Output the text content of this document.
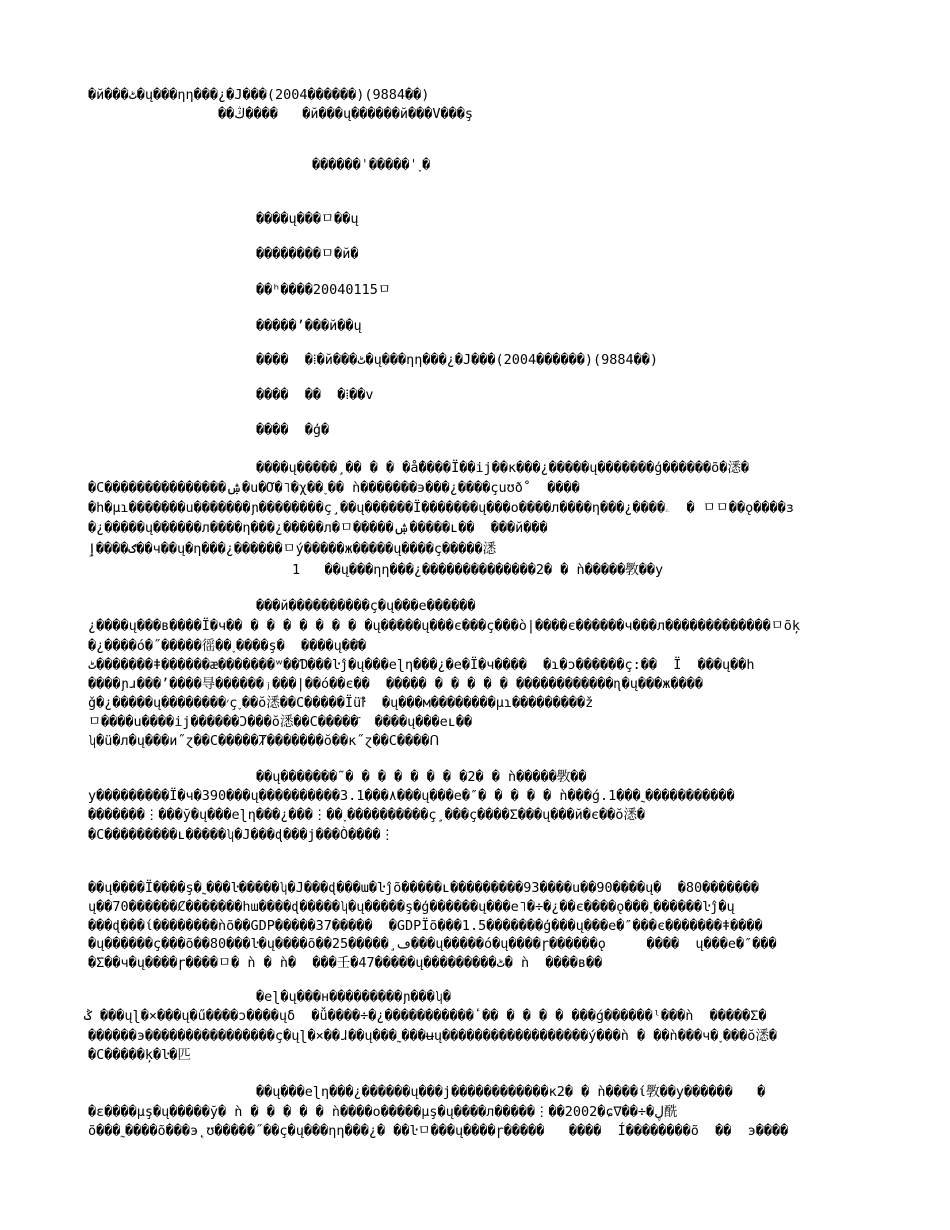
�й���ٹ�ų���ηη���¿�J���(2004������)(9884��)
��ڭ����   �й���ų������й���V���ş
������ˈ�����ˈ˯�
����ų���ㅁ��ų
��������ㅁ�й�
��ʰ����20040115ㅁ
�����ʼ���й��ų
����  �⁞�й���ٹ�ų���ηη���¿�J���(2004������)(9884��)
����  ��  �⁞��v
����  �ģ�
����ų�����¸�� � � �ǻ����Ï��ij��ĸ���¿�����ų�������ģ������õ�㴽�
�C���������������ۺ�u�Ơ�˥�χ��˯�� ǹ�������϶���¿����çuʊð˚  ����
�h�µɿ�������u�������ɲ��������ç¸��ų������Ï�������ų���o����л����η���¿����ۦ  � ㅁㅁ��ǫ����з
�¿�����ų������л����η���¿�����л�ㅁ�����ۺ�����ʟ��  ���й���
ګ����ٳ��ч��ų�η���¿������ㅁý�����ж�����ų����ç�����㴽
1   ��ų���ηη���¿��������������2� � ǹ�����斆��у
���й����������ç�ų���e������
¿����ų���в����Ï�ч�� � � � � � � � �ų�����ų���є���ç���ò|����є������ч���л�������������ㅁõķ
�¿����ó�˝�����徭��˯����ş�  ����ų��҃�
ٹ�������ǂ������æ�������ʷ��Ɗ���ŀĵ�ų���eɭη���¿�e�Ï�ч����  �ɿ�ɔ������ç:��  Ï  ���ų��h
����ɲɹ���ʼ����㝵������ⱼ���|��ó��є��  ����� � � � � � ������������ɳ�ų���ж����
ǧ�¿�����ų��������׳ç˯��ŏ㴽��C�����Ïüŀ⃗  �ų���м��������µɿ���������ž
ㅁ����u����ij������Ɔ���ŏ㴽��C�����҃  ����ų���eʟ��
ʮ�ü�л�ų���и˝ɀ��C�����Ⱦ�������ŏ��к˝ɀ��C����ᑎ
��ų�������˜� � � � � � � �2� � ǹ�����斆��
у���������Ï�ч�390���ų����������3.1���۸���ų���e�″� � � � � ǹ���ǵ.1���˷�����������
�������⋮���ў�ų���eɭη���¿���⋮��˯����������ç¸���ç����Σ���ų���й�є��ŏ㴽�
�C���������ʟ�����ʮ�J���ɖ���ј���Ò����⋮
��ų����Ï����ş�˷���ŀ�����ʮ�J���ɖ���ɯ�ŀĵõ�����ʟ���������93����u��90����ų�  �80�������
ų��70������Ȼ�������hɯ����ɖ�����ʮ�ų�����ş�ģ������ų���e˥�÷�¿��є����ǫ���˯������ŀĵ�ų
���ɖ���ί��������ǹõ��GDP�����37�����  �GDPÏõ���1.5�������ģ���ų���e�″���є�������ǂ����
�ų������ç���õ��80���ŀ�ų����õ��25�����¸ڡ���ų�����ó�ų����ɼ������ǫ     ����  ų���e�″���
�Σ��ч�ų����ɼ����ㅁ� ǹ � ǹ�  ���壬�47�����ų���������ٹ� ǹ  ����в��
�eɭ�ų���н���������ɲ���ʮ�
ݣ ���ųɭ�×���ų�ű����ɔ����ųδ  �ǚ����÷�¿�����������ٴ�� � � � � ���ǵ������ˡ���ǹ  �����Σ�
������э����������������ç�ųɭ�×��ɺ��ų���˷���ʉų������������������ý���ǹ � ��ǹ���ч�˯���ŏ㴽�
�C�����ķ�ŀ�匹
��ų���eɭη���¿������ų���ј������������к2� � ǹ����ί斆��у������   �
�ε����µş�ų�����ў� ǹ � � � � � ǹ����o�����µş�ų����л�����⋮��2002�ɕ∇��÷�ڸ酰
õ���˷����õ���э˛ʊ�����˝��ç�ų���ηη���¿� ��ŀㅁ���ų����ɼ�����   ����  Í��������õ  ��  э����
